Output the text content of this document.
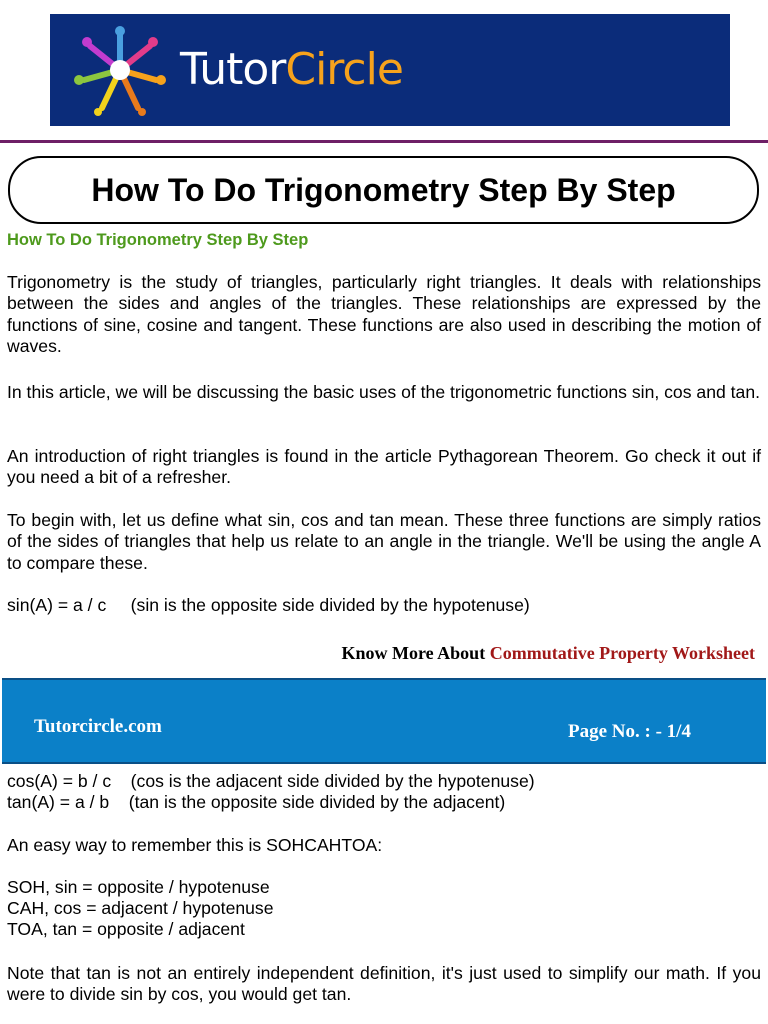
TutorCircle
How To Do Trigonometry Step By Step
How To Do Trigonometry Step By Step

Trigonometry is the study of triangles, particularly right triangles. It deals with relationships between the sides and angles of the triangles. These relationships are expressed by the functions of sine, cosine and tangent. These functions are also used in describing the motion of waves.

In this article, we will be discussing the basic uses of the trigonometric functions sin, cos and tan.

An introduction of right triangles is found in the article Pythagorean Theorem. Go check it out if you need a bit of a refresher.

To begin with, let us define what sin, cos and tan mean. These three functions are simply ratios of the sides of triangles that help us relate to an angle in the triangle. We'll be using the angle A to compare these.

sin(A) = a / c     (sin is the opposite side divided by the hypotenuse)

Know More About Commutative Property Worksheet
Tutorcircle.com	Page No. : - 1/4

cos(A) = b / c    (cos is the adjacent side divided by the hypotenuse)

tan(A) = a / b    (tan is the opposite side divided by the adjacent)

An easy way to remember this is SOHCAHTOA:

SOH, sin = opposite / hypotenuse

CAH, cos = adjacent / hypotenuse

TOA, tan = opposite / adjacent

Note that tan is not an entirely independent definition, it's just used to simplify our math. If you were to divide sin by cos, you would get tan.
